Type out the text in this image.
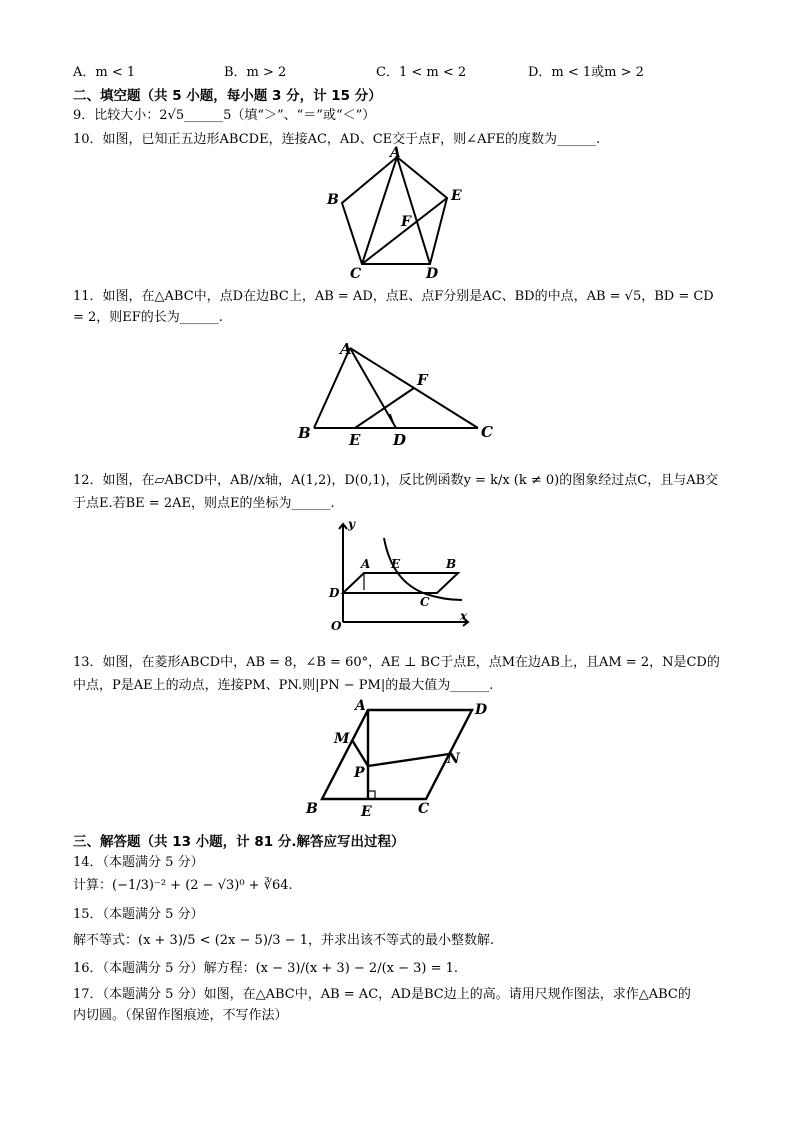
A．m < 1	B．m > 2	C．1 < m < 2	D．m < 1或m > 2
二、填空题（共 5 小题，每小题 3 分，计 15 分）
9．比较大小：2√5______5（填“＞”、“＝”或“＜”）
10．如图，已知正五边形ABCDE，连接AC，AD、CE交于点F，则∠AFE的度数为______.
A
B
C	D
E
F
11．如图，在△ABC中，点D在边BC上，AB = AD，点E、点F分别是AC、BD的中点，AB = √5，BD = CD
= 2，则EF的长为______.
A
B	C
D
E
F
12．如图，在▱ABCD中，AB//x轴，A(1,2)，D(0,1)，反比例函数y = k/x (k ≠ 0)的图象经过点C，且与AB交
于点E.若BE = 2AE，则点E的坐标为______.
y
x
O
A	B
C
D
E
13．如图，在菱形ABCD中，AB = 8，∠B = 60°，AE ⊥ BC于点E，点M在边AB上，且AM = 2，N是CD的
中点，P是AE上的动点，连接PM、PN.则|PN − PM|的最大值为______.
A
B	C
D
E
M
N
P
三、解答题（共 13 小题，计 81 分.解答应写出过程）
14．（本题满分 5 分）
计算：(−1/3)⁻² + (2 − √3)⁰ + ∛64.
15．（本题满分 5 分）
解不等式：(x + 3)/5 < (2x − 5)/3 − 1，并求出该不等式的最小整数解.
16．（本题满分 5 分）解方程：(x − 3)/(x + 3) − 2/(x − 3) = 1.
17．（本题满分 5 分）如图，在△ABC中，AB = AC，AD是BC边上的高。请用尺规作图法，求作△ABC的
内切圆。（保留作图痕迹，不写作法）
